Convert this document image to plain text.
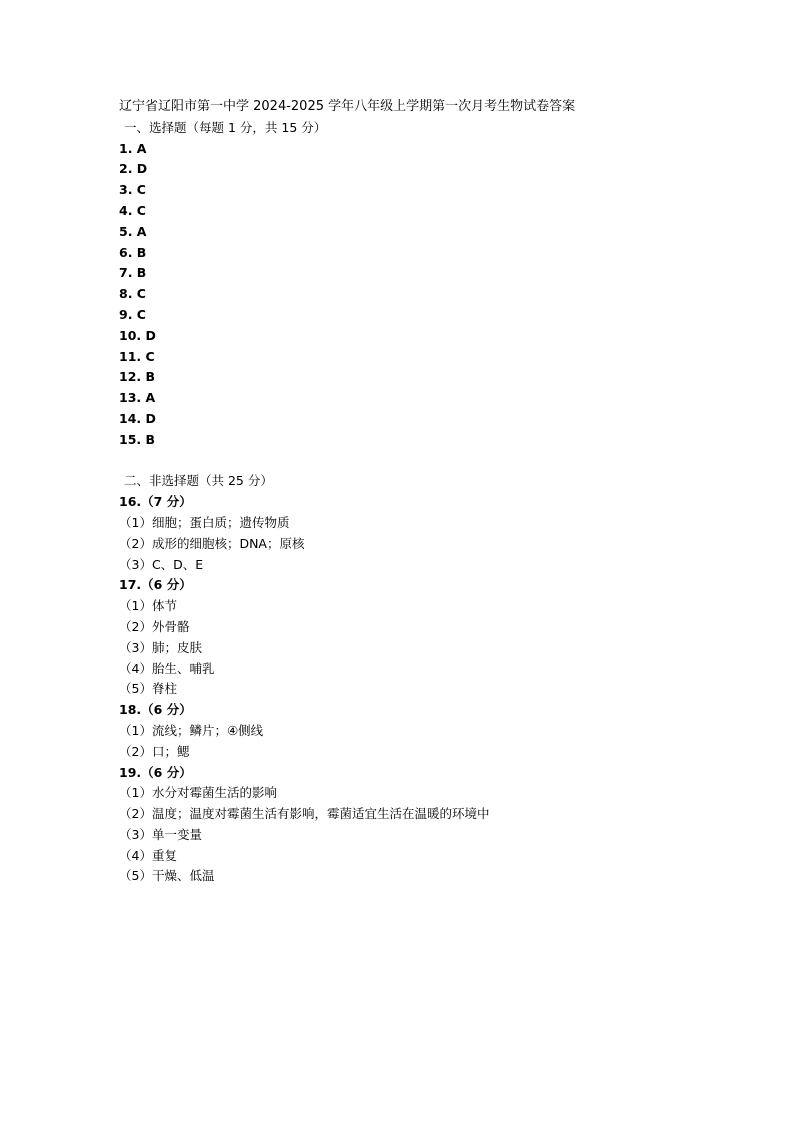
辽宁省辽阳市第一中学 2024-2025 学年八年级上学期第一次月考生物试卷答案
一、选择题（每题 1 分，共 15 分）
1. A
2. D
3. C
4. C
5. A
6. B
7. B
8. C
9. C
10. D
11. C
12. B
13. A
14. D
15. B
二、非选择题（共 25 分）
16.（7 分）
（1）细胞；蛋白质；遗传物质
（2）成形的细胞核；DNA；原核
（3）C、D、E
17.（6 分）
（1）体节
（2）外骨骼
（3）肺；皮肤
（4）胎生、哺乳
（5）脊柱
18.（6 分）
（1）流线；鳞片；④侧线
（2）口；鳃
19.（6 分）
（1）水分对霉菌生活的影响
（2）温度；温度对霉菌生活有影响，霉菌适宜生活在温暖的环境中
（3）单一变量
（4）重复
（5）干燥、低温
